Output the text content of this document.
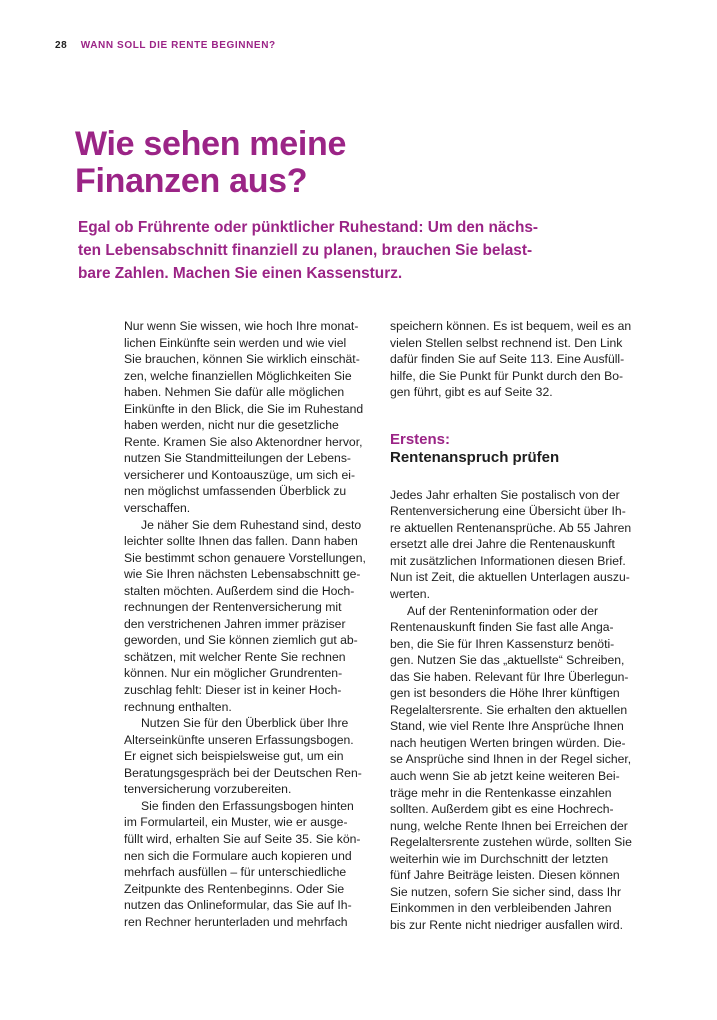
28 WANN SOLL DIE RENTE BEGINNEN?
Wie sehen meine
Finanzen aus?

Egal ob Frührente oder pünktlicher Ruhestand: Um den nächs-
ten Lebensabschnitt finanziell zu planen, brauchen Sie belast-
bare Zahlen. Machen Sie einen Kassensturz.

Nur wenn Sie wissen, wie hoch Ihre monat-
lichen Einkünfte sein werden und wie viel
Sie brauchen, können Sie wirklich einschät-
zen, welche finanziellen Möglichkeiten Sie
haben. Nehmen Sie dafür alle möglichen
Einkünfte in den Blick, die Sie im Ruhestand
haben werden, nicht nur die gesetzliche
Rente. Kramen Sie also Aktenordner hervor,
nutzen Sie Standmitteilungen der Lebens-
versicherer und Kontoauszüge, um sich ei-
nen möglichst umfassenden Überblick zu
verschaffen.

Je näher Sie dem Ruhestand sind, desto
leichter sollte Ihnen das fallen. Dann haben
Sie bestimmt schon genauere Vorstellungen,
wie Sie Ihren nächsten Lebensabschnitt ge-
stalten möchten. Außerdem sind die Hoch-
rechnungen der Rentenversicherung mit
den verstrichenen Jahren immer präziser
geworden, und Sie können ziemlich gut ab-
schätzen, mit welcher Rente Sie rechnen
können. Nur ein möglicher Grundrenten-
zuschlag fehlt: Dieser ist in keiner Hoch-
rechnung enthalten.

Nutzen Sie für den Überblick über Ihre
Alterseinkünfte unseren Erfassungsbogen.
Er eignet sich beispielsweise gut, um ein
Beratungsgespräch bei der Deutschen Ren-
tenversicherung vorzubereiten.

Sie finden den Erfassungsbogen hinten
im Formularteil, ein Muster, wie er ausge-
füllt wird, erhalten Sie auf Seite 35. Sie kön-
nen sich die Formulare auch kopieren und
mehrfach ausfüllen – für unterschiedliche
Zeitpunkte des Rentenbeginns. Oder Sie
nutzen das Onlineformular, das Sie auf Ih-
ren Rechner herunterladen und mehrfach

speichern können. Es ist bequem, weil es an
vielen Stellen selbst rechnend ist. Den Link
dafür finden Sie auf Seite 113. Eine Ausfüll-
hilfe, die Sie Punkt für Punkt durch den Bo-
gen führt, gibt es auf Seite 32.

Erstens:
Rentenanspruch prüfen

Jedes Jahr erhalten Sie postalisch von der
Rentenversicherung eine Übersicht über Ih-
re aktuellen Rentenansprüche. Ab 55 Jahren
ersetzt alle drei Jahre die Rentenauskunft
mit zusätzlichen Informationen diesen Brief.
Nun ist Zeit, die aktuellen Unterlagen auszu-
werten.

Auf der Renteninformation oder der
Rentenauskunft finden Sie fast alle Anga-
ben, die Sie für Ihren Kassensturz benöti-
gen. Nutzen Sie das „aktuellste“ Schreiben,
das Sie haben. Relevant für Ihre Überlegun-
gen ist besonders die Höhe Ihrer künftigen
Regelaltersrente. Sie erhalten den aktuellen
Stand, wie viel Rente Ihre Ansprüche Ihnen
nach heutigen Werten bringen würden. Die-
se Ansprüche sind Ihnen in der Regel sicher,
auch wenn Sie ab jetzt keine weiteren Bei-
träge mehr in die Rentenkasse einzahlen
sollten. Außerdem gibt es eine Hochrech-
nung, welche Rente Ihnen bei Erreichen der
Regelaltersrente zustehen würde, sollten Sie
weiterhin wie im Durchschnitt der letzten
fünf Jahre Beiträge leisten. Diesen können
Sie nutzen, sofern Sie sicher sind, dass Ihr
Einkommen in den verbleibenden Jahren
bis zur Rente nicht niedriger ausfallen wird.
